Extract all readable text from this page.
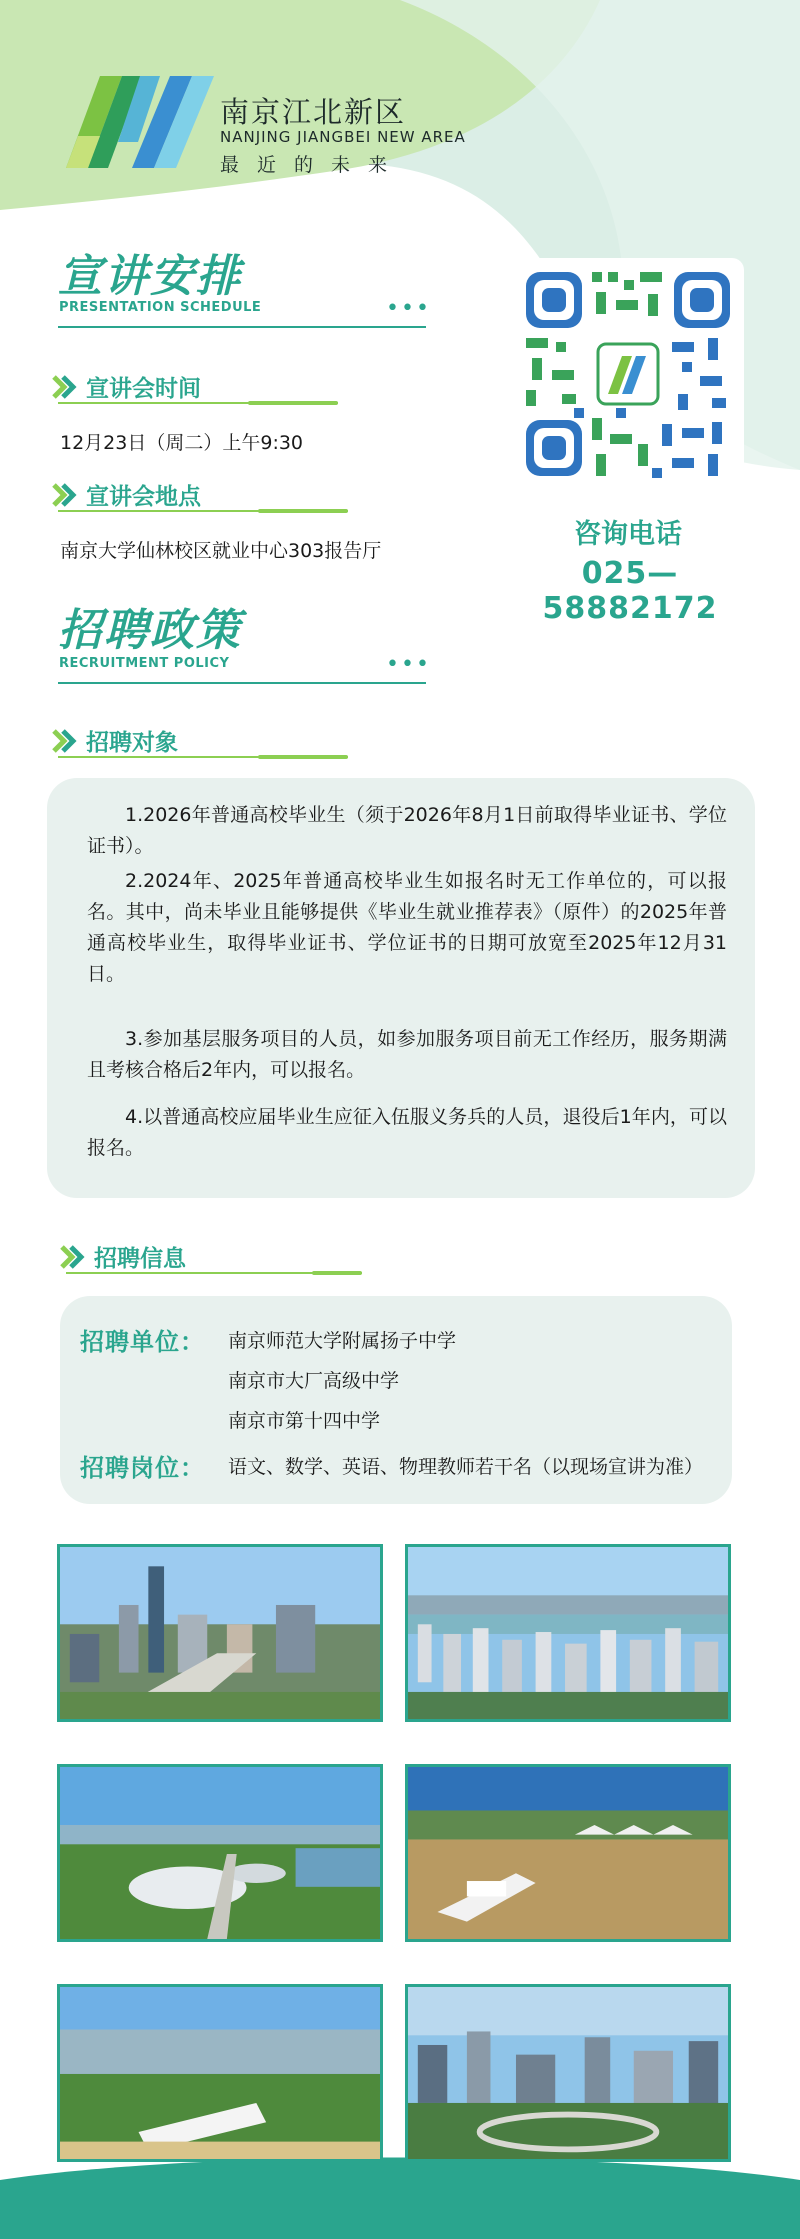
南京江北新区
NANJING JIANGBEI NEW AREA
最近的未来
宣讲安排
PRESENTATION SCHEDULE	•••
宣讲会时间
12月23日（周二）上午9:30
宣讲会地点
南京大学仙林校区就业中心303报告厅
咨询电话
025—58882172
招聘政策
RECRUITMENT POLICY	•••
招聘对象
1.2026年普通高校毕业生（须于2026年8月1日前取得毕业证书、学位证书）。
2.2024年、2025年普通高校毕业生如报名时无工作单位的，可以报名。其中，尚未毕业且能够提供《毕业生就业推荐表》（原件）的2025年普通高校毕业生，取得毕业证书、学位证书的日期可放宽至2025年12月31日。
3.参加基层服务项目的人员，如参加服务项目前无工作经历，服务期满且考核合格后2年内，可以报名。
4.以普通高校应届毕业生应征入伍服义务兵的人员，退役后1年内，可以报名。
招聘信息
招聘单位： 南京师范大学附属扬子中学
南京市大厂高级中学
南京市第十四中学
招聘岗位： 语文、数学、英语、物理教师若干名（以现场宣讲为准）
